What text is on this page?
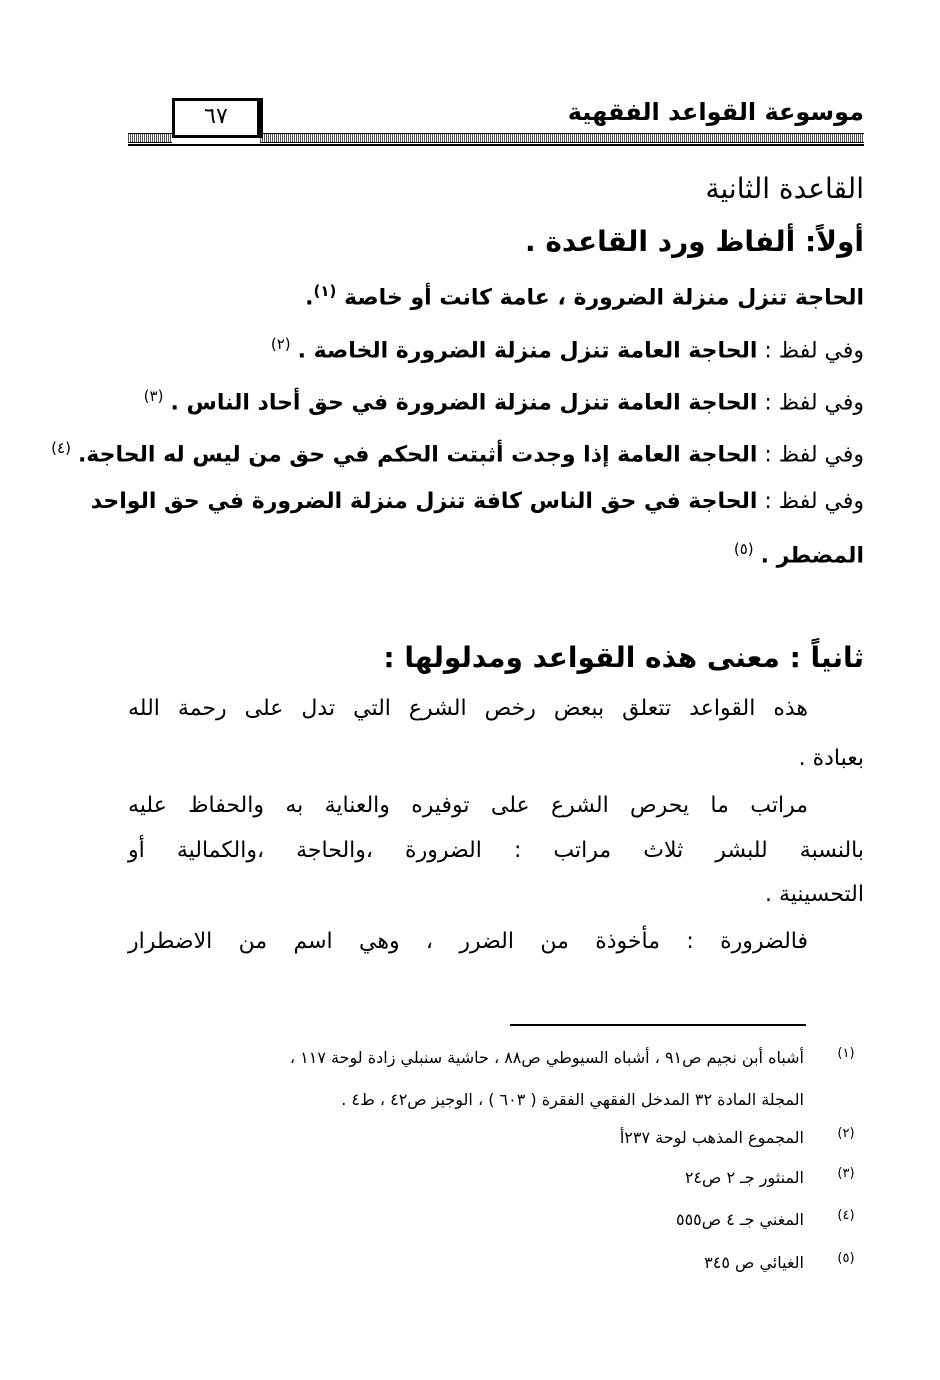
موسوعة القواعد الفقهية
٦٧
القاعدة الثانية
أولاً: ألفاظ ورد القاعدة .
الحاجة تنزل منزلة الضرورة ، عامة كانت أو خاصة $^{(١)}$.
وفي لفظ : الحاجة العامة تنزل منزلة الضرورة الخاصة . $^{(٢)}$
وفي لفظ : الحاجة العامة تنزل منزلة الضرورة في حق أحاد الناس . $^{(٣)}$
وفي لفظ : الحاجة العامة إذا وجدت أثبتت الحكم في حق من ليس له الحاجة. $^{(٤)}$
وفي لفظ : الحاجة في حق الناس كافة تنزل منزلة الضرورة في حق الواحد
المضطر . $^{(٥)}$
ثانياً : معنى هذه القواعد ومدلولها :
هذه القواعد تتعلق ببعض رخص الشرع التي تدل على رحمة الله
بعبادة .
مراتب ما يحرص الشرع على توفيره والعناية به والحفاظ عليه
بالنسبة للبشر ثلاث مراتب : الضرورة ،والحاجة ،والكمالية أو
التحسينية .
فالضرورة : مأخوذة من الضرر ، وهي اسم من الاضطرار
(١)
أشباه أبن نجيم ص٩١ ، أشباه السيوطي ص٨٨ ، حاشية سنبلي زادة لوحة ١١٧ ،
المجلة المادة ٣٢ المدخل الفقهي الفقرة ( ٦٠٣ ) ، الوجيز ص٤٢ ، ط٤ .
(٢)
المجموع المذهب لوحة ٢٣٧أ
(٣)
المنثور جـ ٢ ص٢٤
(٤)
المغني جـ ٤ ص٥٥٥
(٥)
الغيائي ص ٣٤٥
